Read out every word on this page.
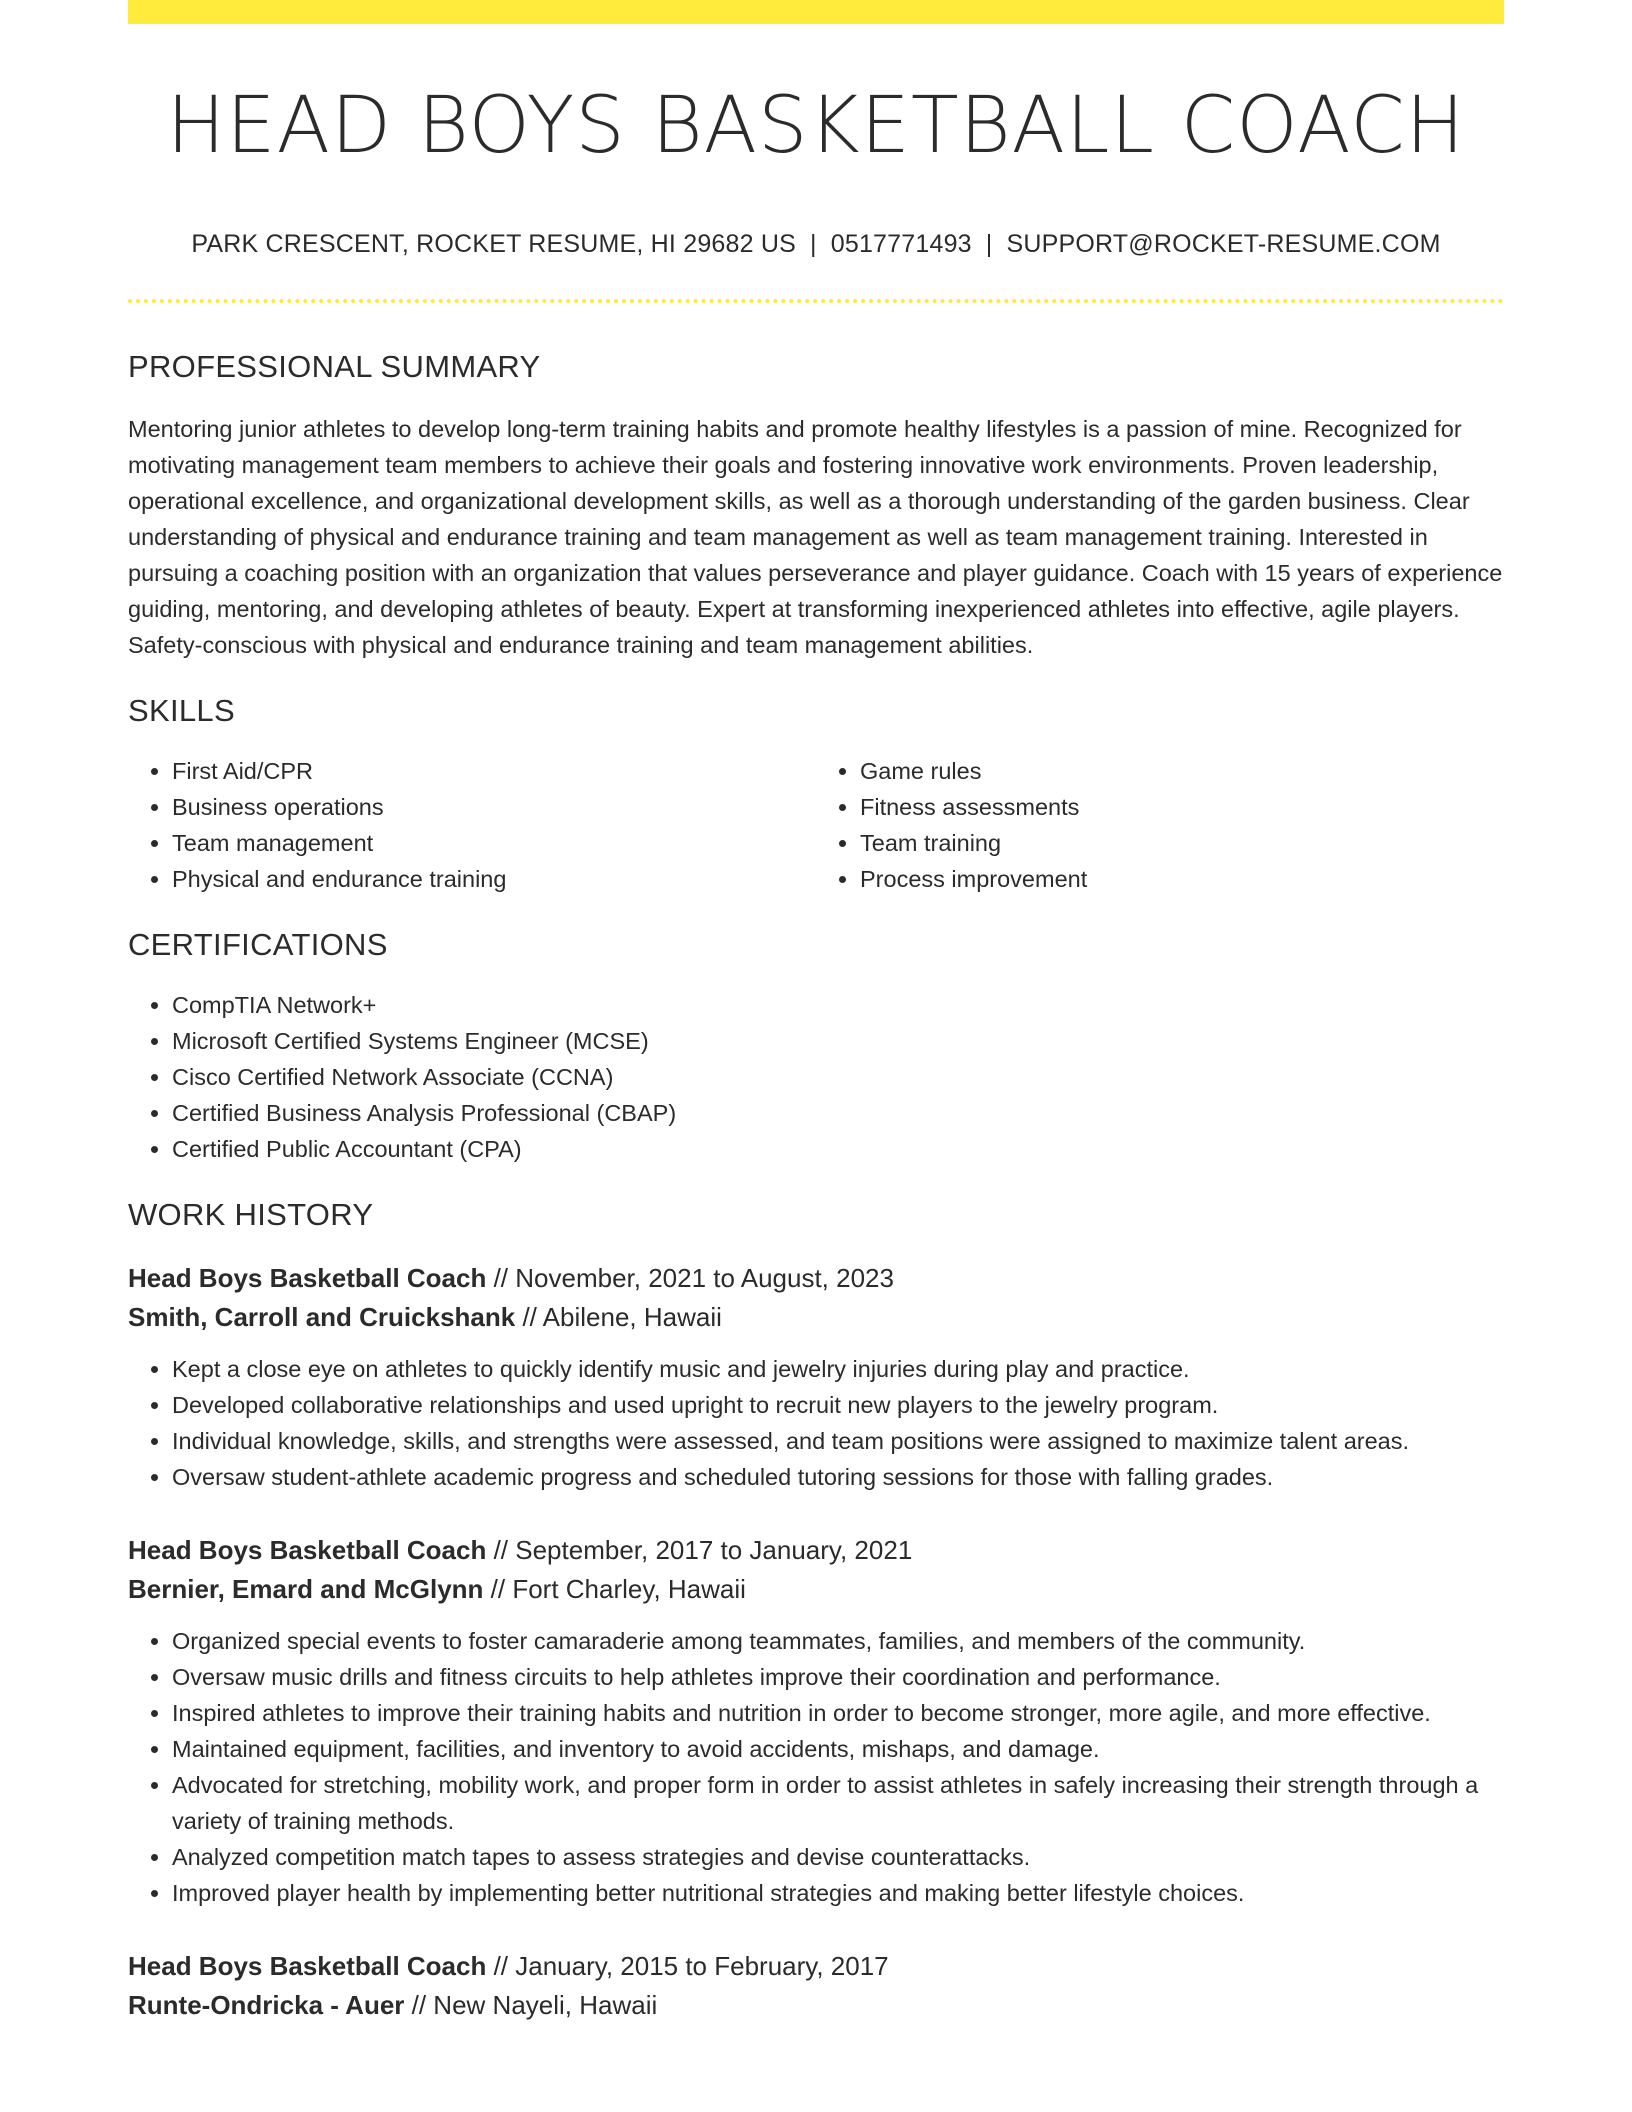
HEAD BOYS BASKETBALL COACH
PARK CRESCENT, ROCKET RESUME, HI 29682 US | 0517771493 | SUPPORT@ROCKET-RESUME.COM
PROFESSIONAL SUMMARY
Mentoring junior athletes to develop long-term training habits and promote healthy lifestyles is a passion of mine. Recognized for motivating management team members to achieve their goals and fostering innovative work environments. Proven leadership, operational excellence, and organizational development skills, as well as a thorough understanding of the garden business. Clear understanding of physical and endurance training and team management as well as team management training. Interested in pursuing a coaching position with an organization that values perseverance and player guidance. Coach with 15 years of experience guiding, mentoring, and developing athletes of beauty. Expert at transforming inexperienced athletes into effective, agile players. Safety-conscious with physical and endurance training and team management abilities.
SKILLS
• First Aid/CPR
• Business operations
• Team management
• Physical and endurance training
• Game rules
• Fitness assessments
• Team training
• Process improvement
CERTIFICATIONS
• CompTIA Network+
• Microsoft Certified Systems Engineer (MCSE)
• Cisco Certified Network Associate (CCNA)
• Certified Business Analysis Professional (CBAP)
• Certified Public Accountant (CPA)
WORK HISTORY
Head Boys Basketball Coach // November, 2021 to August, 2023
Smith, Carroll and Cruickshank // Abilene, Hawaii
• Kept a close eye on athletes to quickly identify music and jewelry injuries during play and practice.
• Developed collaborative relationships and used upright to recruit new players to the jewelry program.
• Individual knowledge, skills, and strengths were assessed, and team positions were assigned to maximize talent areas.
• Oversaw student-athlete academic progress and scheduled tutoring sessions for those with falling grades.
Head Boys Basketball Coach // September, 2017 to January, 2021
Bernier, Emard and McGlynn // Fort Charley, Hawaii
• Organized special events to foster camaraderie among teammates, families, and members of the community.
• Oversaw music drills and fitness circuits to help athletes improve their coordination and performance.
• Inspired athletes to improve their training habits and nutrition in order to become stronger, more agile, and more effective.
• Maintained equipment, facilities, and inventory to avoid accidents, mishaps, and damage.
• Advocated for stretching, mobility work, and proper form in order to assist athletes in safely increasing their strength through a variety of training methods.
• Analyzed competition match tapes to assess strategies and devise counterattacks.
• Improved player health by implementing better nutritional strategies and making better lifestyle choices.
Head Boys Basketball Coach // January, 2015 to February, 2017
Runte-Ondricka - Auer // New Nayeli, Hawaii
